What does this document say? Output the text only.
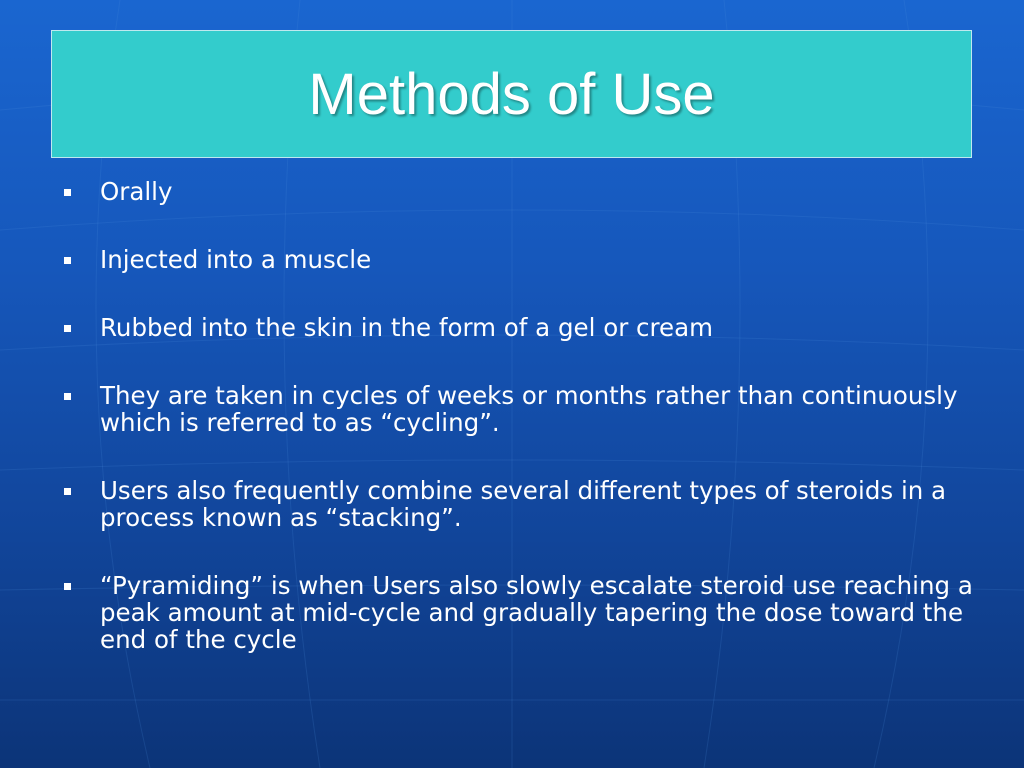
Methods of Use
Orally
Injected into a muscle
Rubbed into the skin in the form of a gel or cream
They are taken in cycles of weeks or months rather than continuously which is referred to as “cycling”.
Users also frequently combine several different types of steroids in a process known as “stacking”.
“Pyramiding” is when Users also slowly escalate steroid use reaching a peak amount at mid-cycle and gradually tapering the dose toward the end of the cycle
